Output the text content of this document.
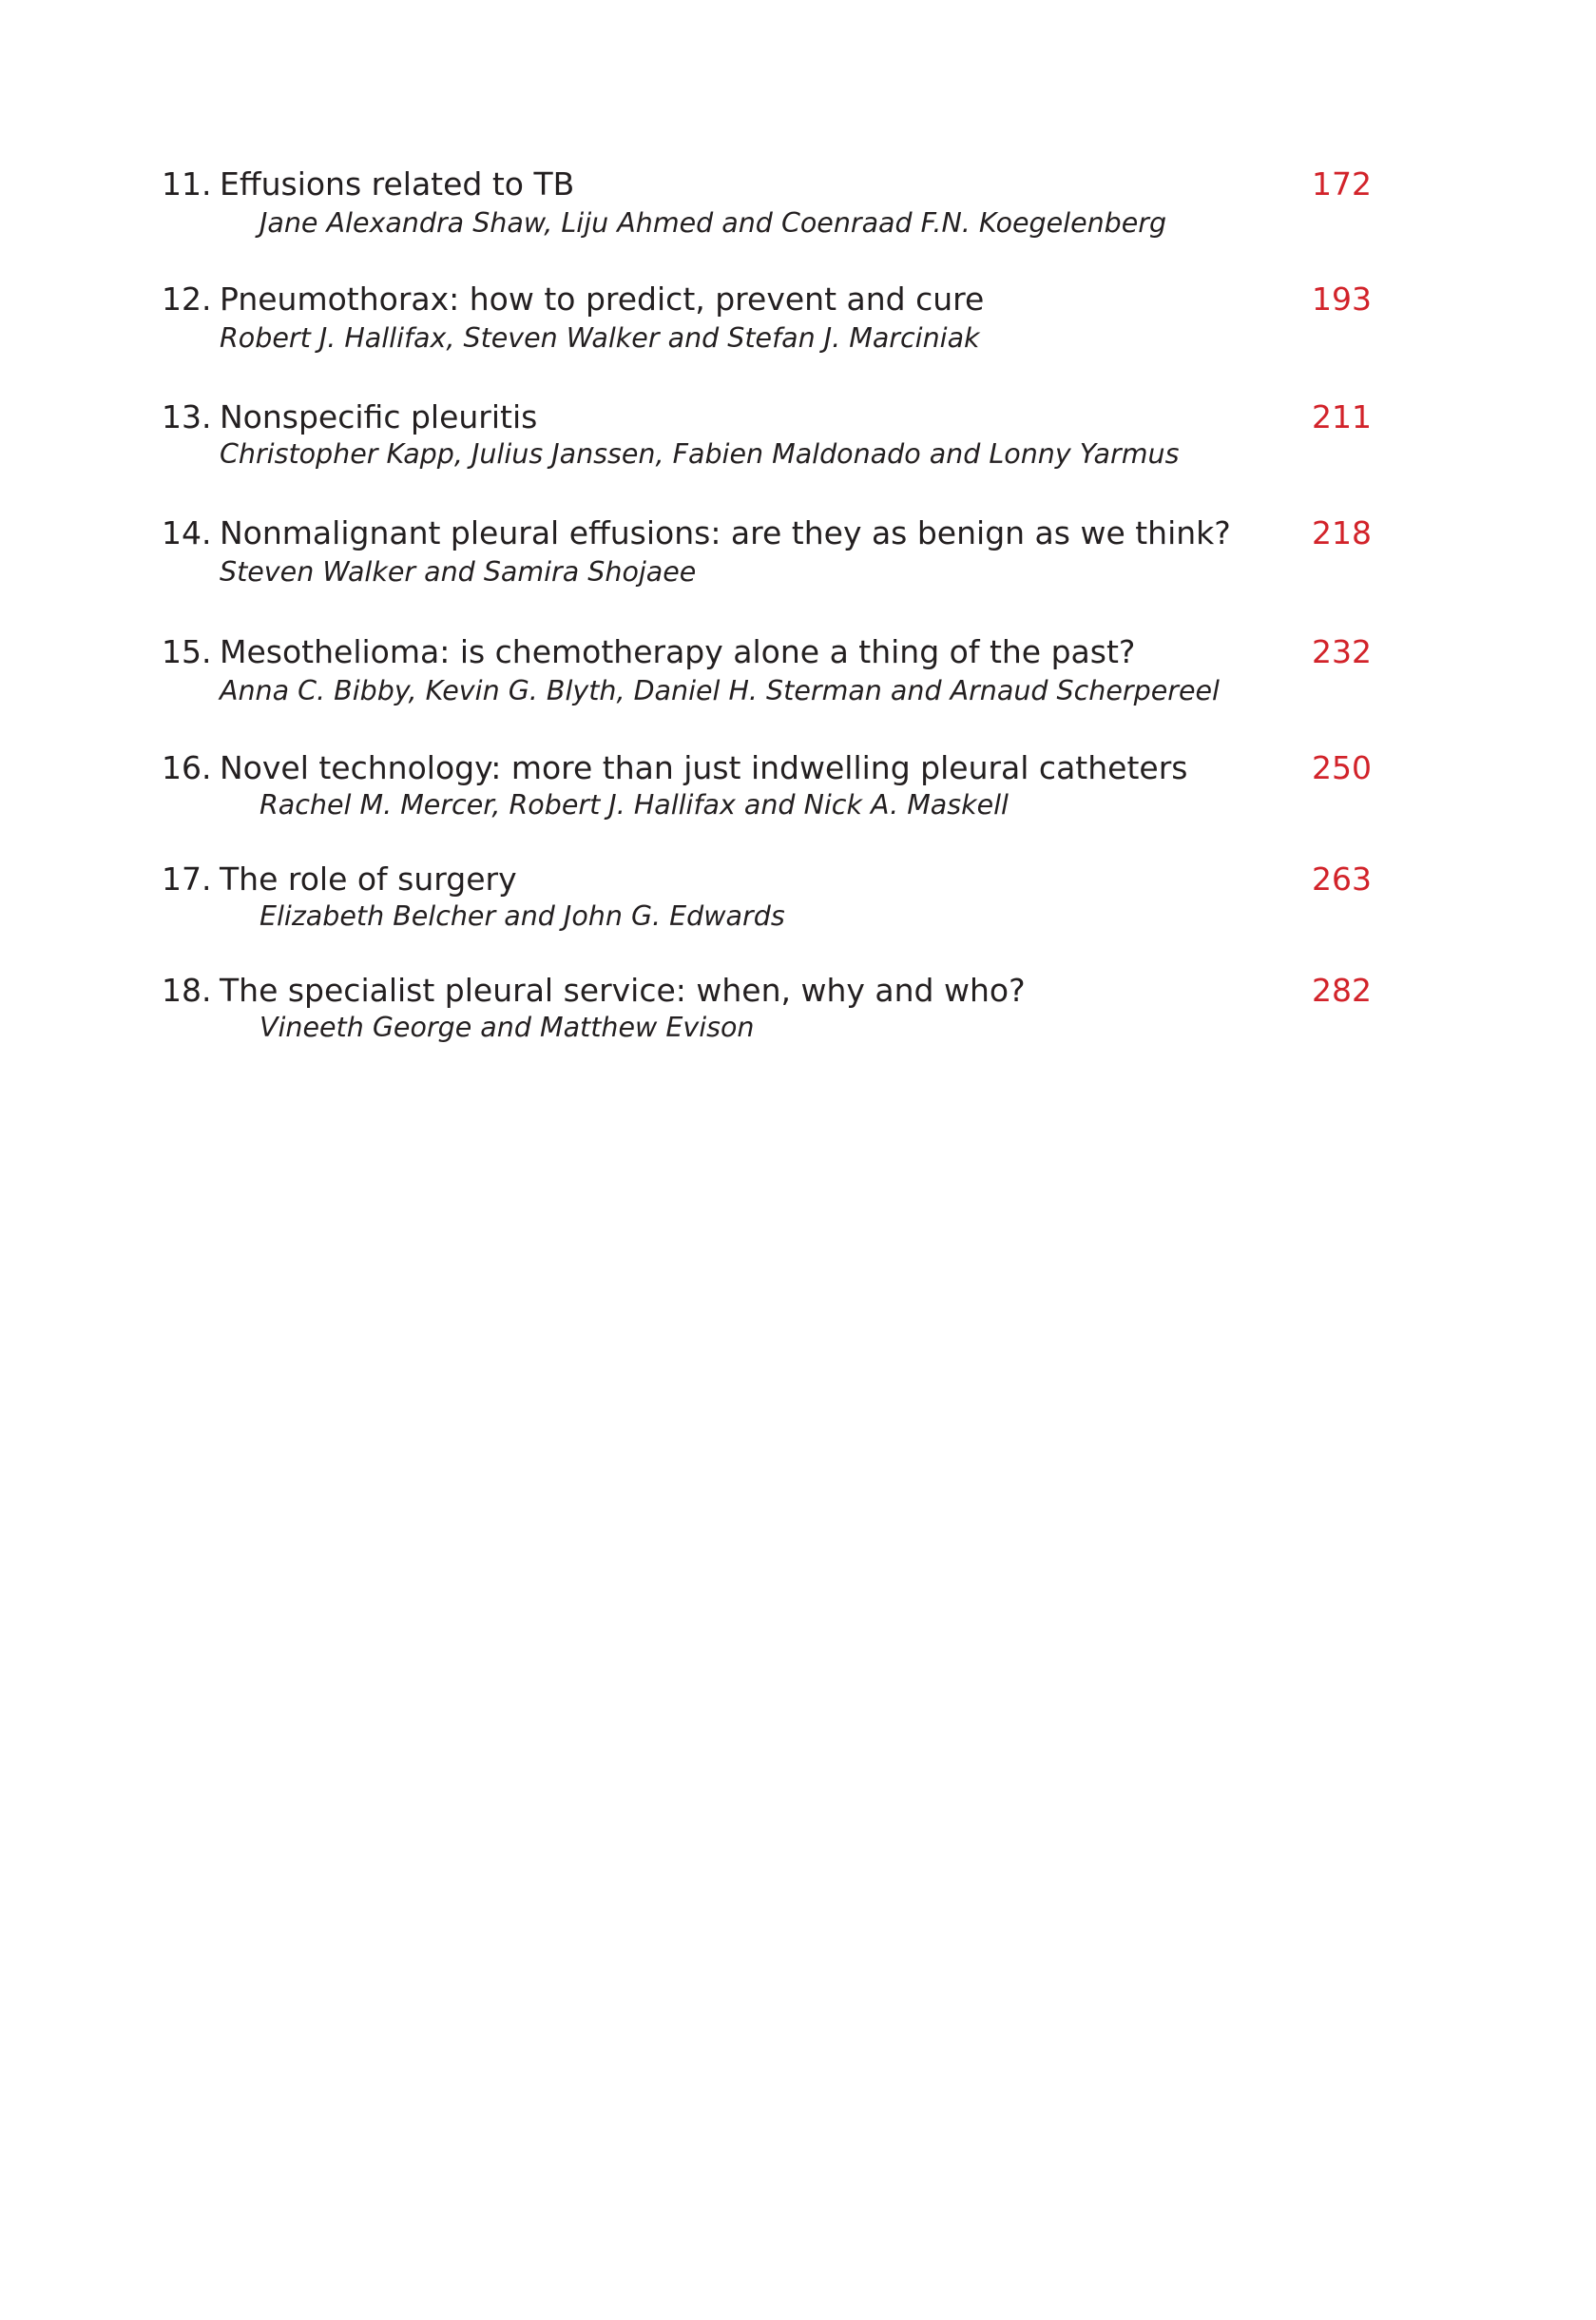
11. Effusions related to TB
Jane Alexandra Shaw, Liju Ahmed and Coenraad F.N. Koegelenberg
172
12. Pneumothorax: how to predict, prevent and cure
Robert J. Hallifax, Steven Walker and Stefan J. Marciniak
193
13. Nonspecific pleuritis
Christopher Kapp, Julius Janssen, Fabien Maldonado and Lonny Yarmus
211
14. Nonmalignant pleural effusions: are they as benign as we think?
Steven Walker and Samira Shojaee
218
15. Mesothelioma: is chemotherapy alone a thing of the past?
Anna C. Bibby, Kevin G. Blyth, Daniel H. Sterman and Arnaud Scherpereel
232
16. Novel technology: more than just indwelling pleural catheters
Rachel M. Mercer, Robert J. Hallifax and Nick A. Maskell
250
17. The role of surgery
Elizabeth Belcher and John G. Edwards
263
18. The specialist pleural service: when, why and who?
Vineeth George and Matthew Evison
282
